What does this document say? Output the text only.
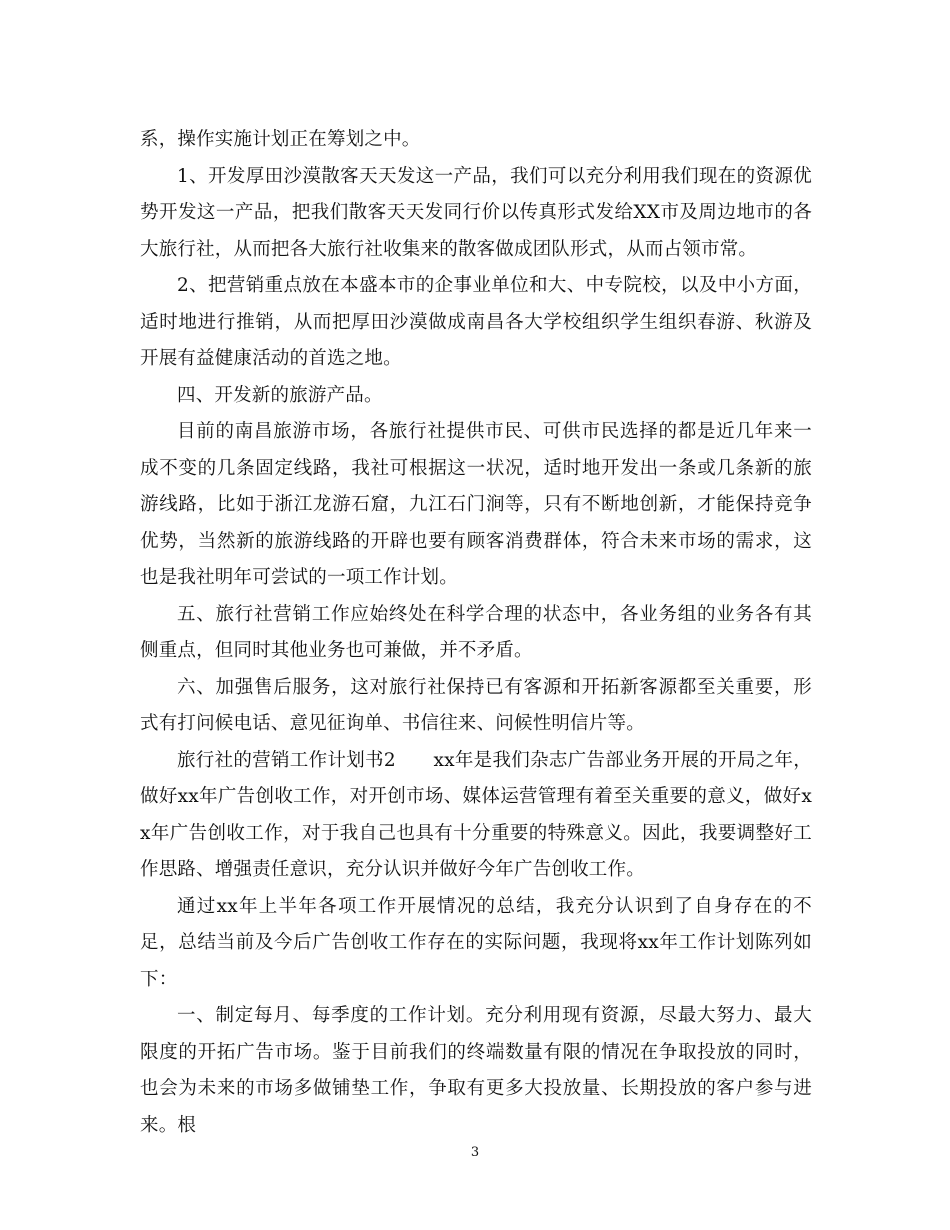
系，操作实施计划正在筹划之中。

1、开发厚田沙漠散客天天发这一产品，我们可以充分利用我们现在的资源优势开发这一产品，把我们散客天天发同行价以传真形式发给XX市及周边地市的各大旅行社，从而把各大旅行社收集来的散客做成团队形式，从而占领市常。

2、把营销重点放在本盛本市的企事业单位和大、中专院校，以及中小方面，适时地进行推销，从而把厚田沙漠做成南昌各大学校组织学生组织春游、秋游及开展有益健康活动的首选之地。

四、开发新的旅游产品。

目前的南昌旅游市场，各旅行社提供市民、可供市民选择的都是近几年来一成不变的几条固定线路，我社可根据这一状况，适时地开发出一条或几条新的旅游线路，比如于浙江龙游石窟，九江石门涧等，只有不断地创新，才能保持竞争优势，当然新的旅游线路的开辟也要有顾客消费群体，符合未来市场的需求，这也是我社明年可尝试的一项工作计划。

五、旅行社营销工作应始终处在科学合理的状态中，各业务组的业务各有其侧重点，但同时其他业务也可兼做，并不矛盾。

六、加强售后服务，这对旅行社保持已有客源和开拓新客源都至关重要，形式有打问候电话、意见征询单、书信往来、问候性明信片等。

旅行社的营销工作计划书2　　xx年是我们杂志广告部业务开展的开局之年，做好xx年广告创收工作，对开创市场、媒体运营管理有着至关重要的意义，做好xx年广告创收工作，对于我自己也具有十分重要的特殊意义。因此，我要调整好工作思路、增强责任意识，充分认识并做好今年广告创收工作。

通过xx年上半年各项工作开展情况的总结，我充分认识到了自身存在的不足，总结当前及今后广告创收工作存在的实际问题，我现将xx年工作计划陈列如下：

一、制定每月、每季度的工作计划。充分利用现有资源，尽最大努力、最大限度的开拓广告市场。鉴于目前我们的终端数量有限的情况在争取投放的同时，也会为未来的市场多做铺垫工作，争取有更多大投放量、长期投放的客户参与进来。根

3
